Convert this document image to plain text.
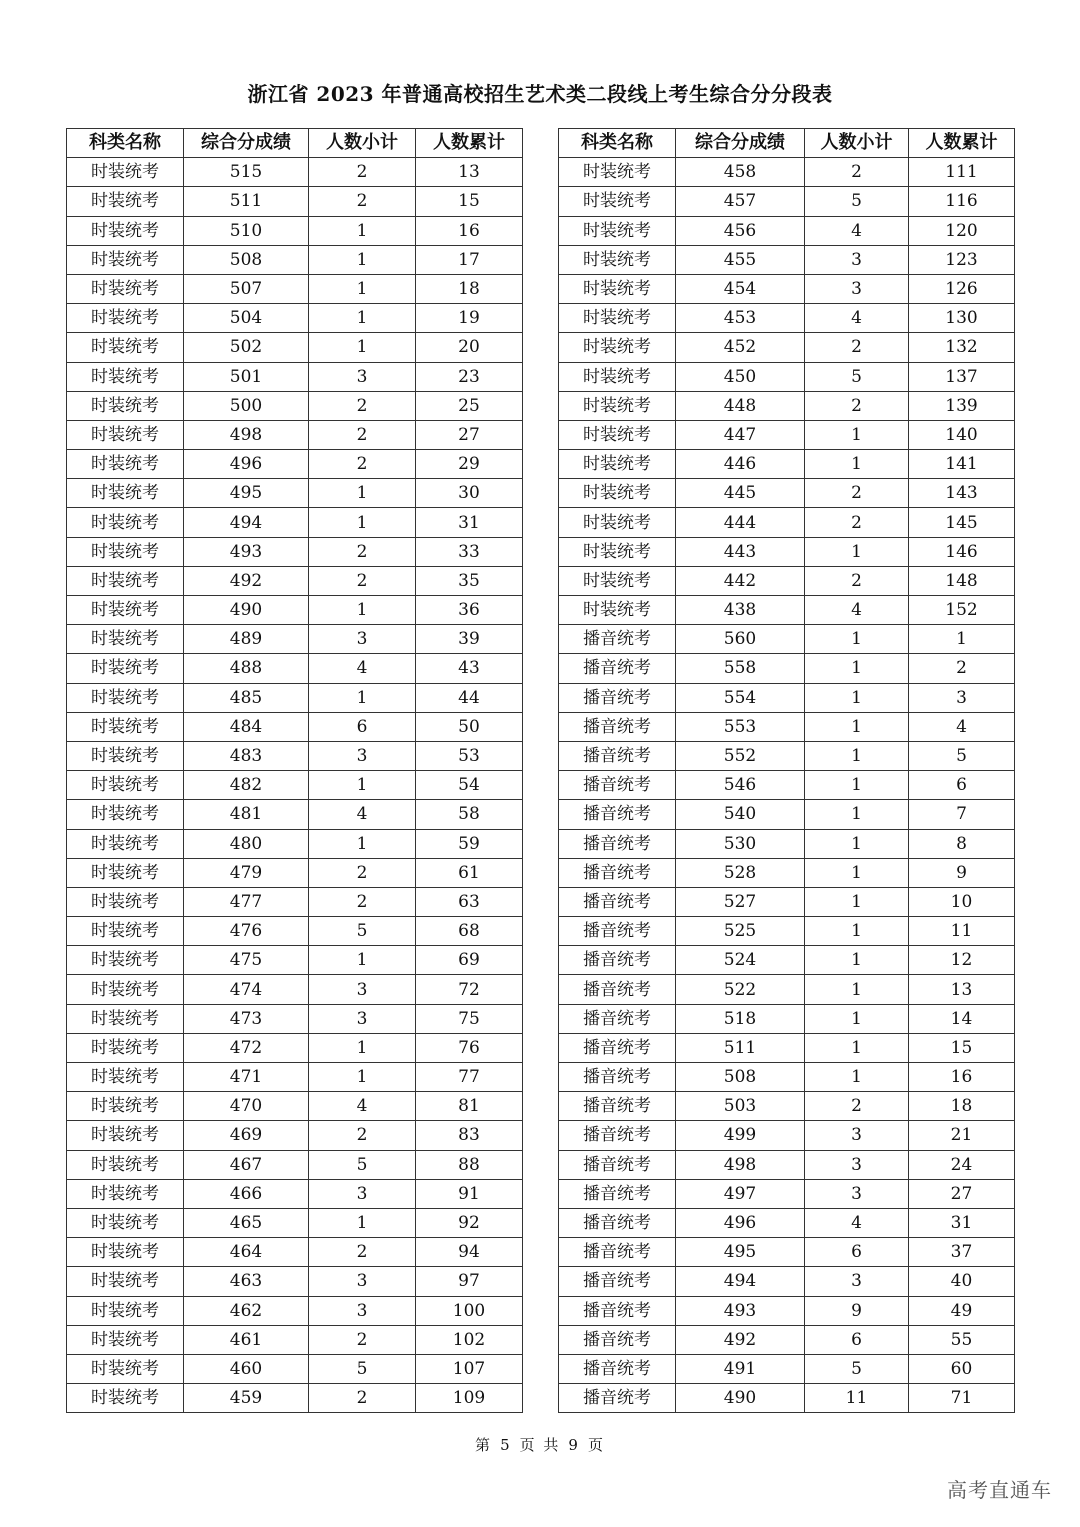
浙江省 2023 年普通高校招生艺术类二段线上考生综合分分段表
科类名称	综合分成绩	人数小计	人数累计
时装统考	515	2	13
时装统考	511	2	15
时装统考	510	1	16
时装统考	508	1	17
时装统考	507	1	18
时装统考	504	1	19
时装统考	502	1	20
时装统考	501	3	23
时装统考	500	2	25
时装统考	498	2	27
时装统考	496	2	29
时装统考	495	1	30
时装统考	494	1	31
时装统考	493	2	33
时装统考	492	2	35
时装统考	490	1	36
时装统考	489	3	39
时装统考	488	4	43
时装统考	485	1	44
时装统考	484	6	50
时装统考	483	3	53
时装统考	482	1	54
时装统考	481	4	58
时装统考	480	1	59
时装统考	479	2	61
时装统考	477	2	63
时装统考	476	5	68
时装统考	475	1	69
时装统考	474	3	72
时装统考	473	3	75
时装统考	472	1	76
时装统考	471	1	77
时装统考	470	4	81
时装统考	469	2	83
时装统考	467	5	88
时装统考	466	3	91
时装统考	465	1	92
时装统考	464	2	94
时装统考	463	3	97
时装统考	462	3	100
时装统考	461	2	102
时装统考	460	5	107
时装统考	459	2	109
科类名称	综合分成绩	人数小计	人数累计
时装统考	458	2	111
时装统考	457	5	116
时装统考	456	4	120
时装统考	455	3	123
时装统考	454	3	126
时装统考	453	4	130
时装统考	452	2	132
时装统考	450	5	137
时装统考	448	2	139
时装统考	447	1	140
时装统考	446	1	141
时装统考	445	2	143
时装统考	444	2	145
时装统考	443	1	146
时装统考	442	2	148
时装统考	438	4	152
播音统考	560	1	1
播音统考	558	1	2
播音统考	554	1	3
播音统考	553	1	4
播音统考	552	1	5
播音统考	546	1	6
播音统考	540	1	7
播音统考	530	1	8
播音统考	528	1	9
播音统考	527	1	10
播音统考	525	1	11
播音统考	524	1	12
播音统考	522	1	13
播音统考	518	1	14
播音统考	511	1	15
播音统考	508	1	16
播音统考	503	2	18
播音统考	499	3	21
播音统考	498	3	24
播音统考	497	3	27
播音统考	496	4	31
播音统考	495	6	37
播音统考	494	3	40
播音统考	493	9	49
播音统考	492	6	55
播音统考	491	5	60
播音统考	490	11	71
第 5 页 共 9 页
高考直通车
